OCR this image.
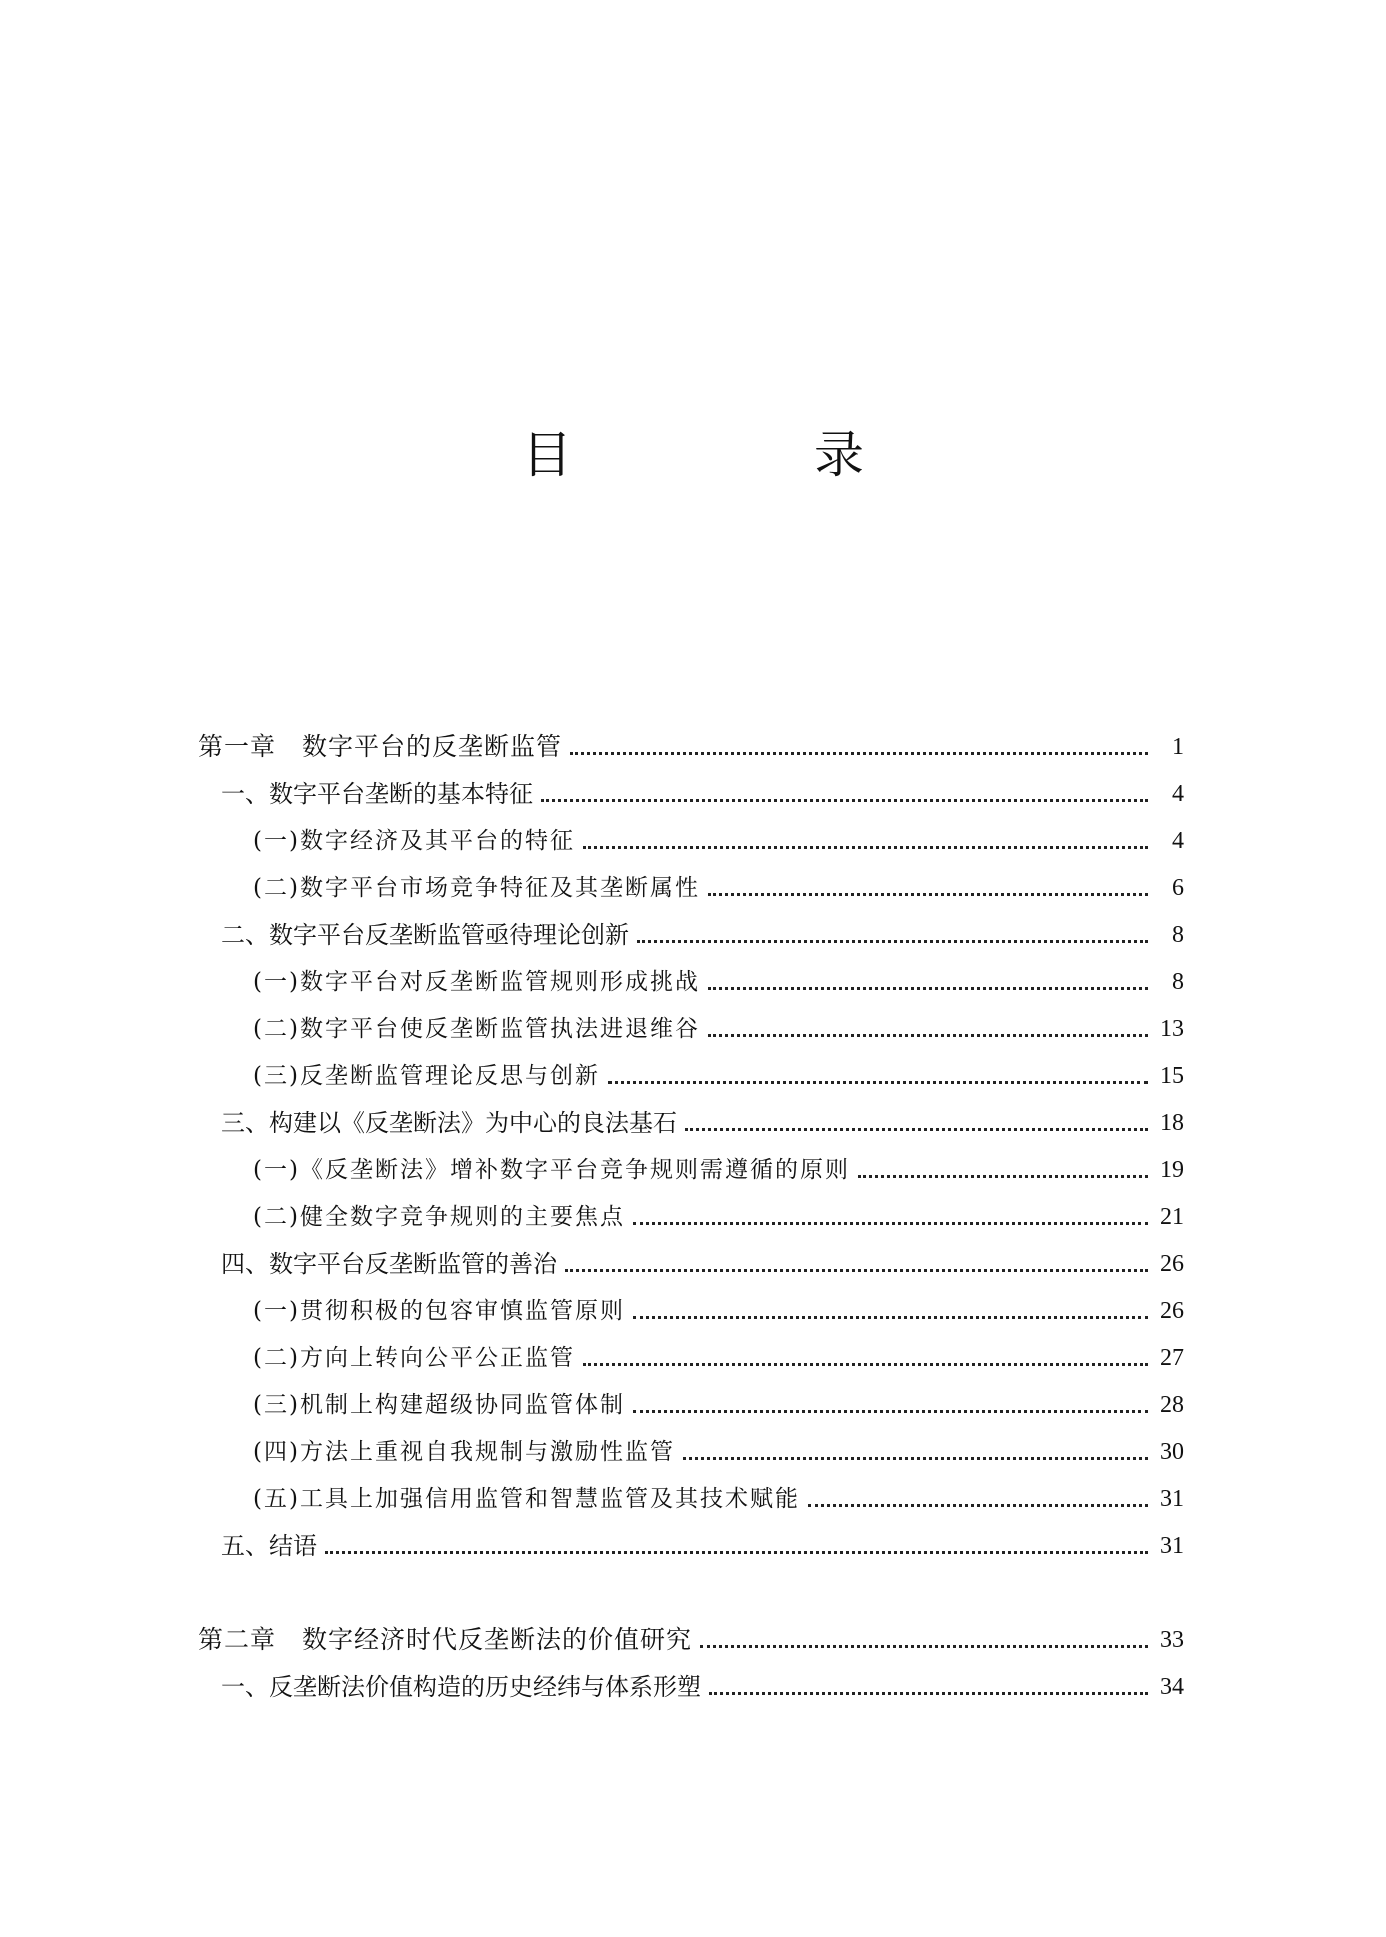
目　录
第一章　数字平台的反垄断监管	1
一、数字平台垄断的基本特征	4
(一)数字经济及其平台的特征	4
(二)数字平台市场竞争特征及其垄断属性	6
二、数字平台反垄断监管亟待理论创新	8
(一)数字平台对反垄断监管规则形成挑战	8
(二)数字平台使反垄断监管执法进退维谷	13
(三)反垄断监管理论反思与创新	15
三、构建以《反垄断法》为中心的良法基石	18
(一)《反垄断法》增补数字平台竞争规则需遵循的原则	19
(二)健全数字竞争规则的主要焦点	21
四、数字平台反垄断监管的善治	26
(一)贯彻积极的包容审慎监管原则	26
(二)方向上转向公平公正监管	27
(三)机制上构建超级协同监管体制	28
(四)方法上重视自我规制与激励性监管	30
(五)工具上加强信用监管和智慧监管及其技术赋能	31
五、结语	31
第二章　数字经济时代反垄断法的价值研究	33
一、反垄断法价值构造的历史经纬与体系形塑	34
